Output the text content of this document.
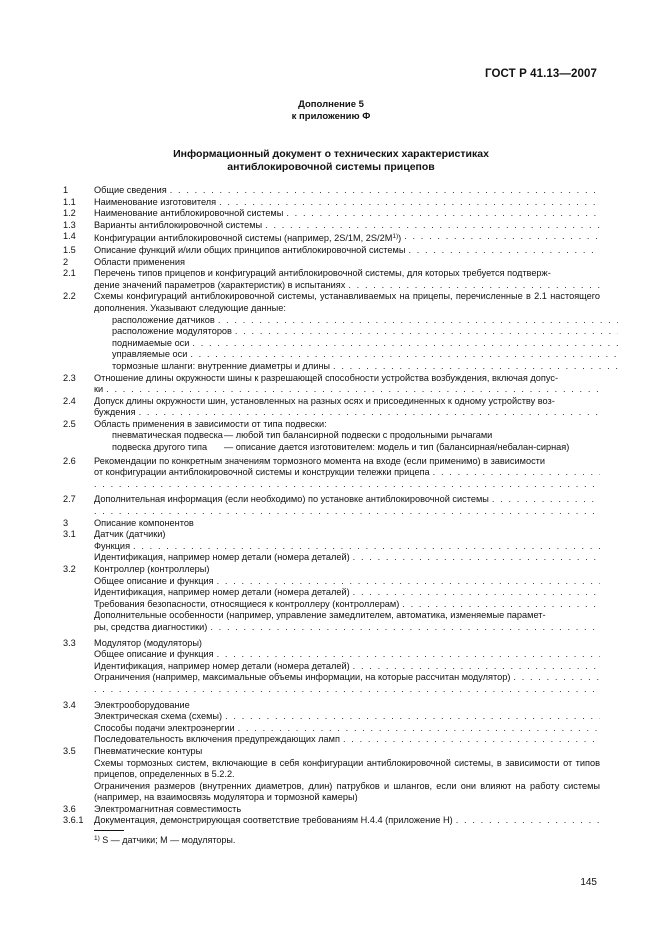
ГОСТ Р 41.13—2007
Дополнение 5
к приложению Ф
Информационный документ о технических характеристиках
антиблокировочной системы прицепов
1	Общие сведения
. . .
1.1	Наименование изготовителя
. . .
1.2	Наименование антиблокировочной системы
. . .
1.3	Варианты антиблокировочной системы
. . .
1.4	Конфигурации антиблокировочной системы (например, 2S/1M, $2S/2M^{1)}$)
. . .
1.5	Описание функций и/или общих принципов антиблокировочной системы
. . .
2	Области применения
2.1	Перечень типов прицепов и конфигураций антиблокировочной системы, для которых требуется подтверж-
дение значений параметров (характеристик) в испытаниях
. . .
2.2	Схемы конфигураций антиблокировочной системы, устанавливаемых на прицепы, перечисленные в 2.1 настоящего дополнения. Указывают следующие данные:
расположение датчиков
. . .
расположение модуляторов
. . .
поднимаемые оси
. . .
управляемые оси
. . .
тормозные шланги: внутренние диаметры и длины
. . .
2.3	Отношение длины окружности шины к разрешающей способности устройства возбуждения, включая допус-
ки
. . .
2.4	Допуск длины окружности шин, установленных на разных осях и присоединенных к одному устройству воз-
буждения
. . .
2.5	Область применения в зависимости от типа подвески:
пневматическая подвеска — любой тип балансирной подвески с продольными рычагами
подвеска другого типа	— описание дается изготовителем: модель и тип (балансирная/небалан-сирная)
2.6	Рекомендации по конкретным значениям тормозного момента на входе (если применимо) в зависимости
от конфигурации антиблокировочной системы и конструкции тележки прицепа
. . .
. . .
2.7	Дополнительная информация (если необходимо) по установке антиблокировочной системы
. . .
. . .
3	Описание компонентов
3.1	Датчик (датчики)
Функция
. . .
Идентификация, например номер детали (номера деталей)
. . .
3.2	Контроллер (контроллеры)
Общее описание и функция
. . .
Идентификация, например номер детали (номера деталей)
. . .
Требования безопасности, относящиеся к контроллеру (контроллерам)
. . .
Дополнительные особенности (например, управление замедлителем, автоматика, изменяемые парамет-
ры, средства диагностики)
. . .
3.3	Модулятор (модуляторы)
Общее описание и функция
. . .
Идентификация, например номер детали (номера деталей)
. . .
Ограничения (например, максимальные объемы информации, на которые рассчитан модулятор)
. . .
. . .
3.4	Электрооборудование
Электрическая схема (схемы)
. . .
Способы подачи электроэнергии
. . .
Последовательность включения предупреждающих ламп
. . .
3.5	Пневматические контуры
Схемы тормозных систем, включающие в себя конфигурации антиблокировочной системы, в зависимости от типов прицепов, определенных в 5.2.2.
Ограничения размеров (внутренних диаметров, длин) патрубков и шлангов, если они влияют на работу системы (например, на взаимосвязь модулятора и тормозной камеры)
3.6	Электромагнитная совместимость
3.6.1	Документация, демонстрирующая соответствие требованиям Н.4.4 (приложение Н)
. . .
$^{1)}$ S — датчики; M — модуляторы.
145
